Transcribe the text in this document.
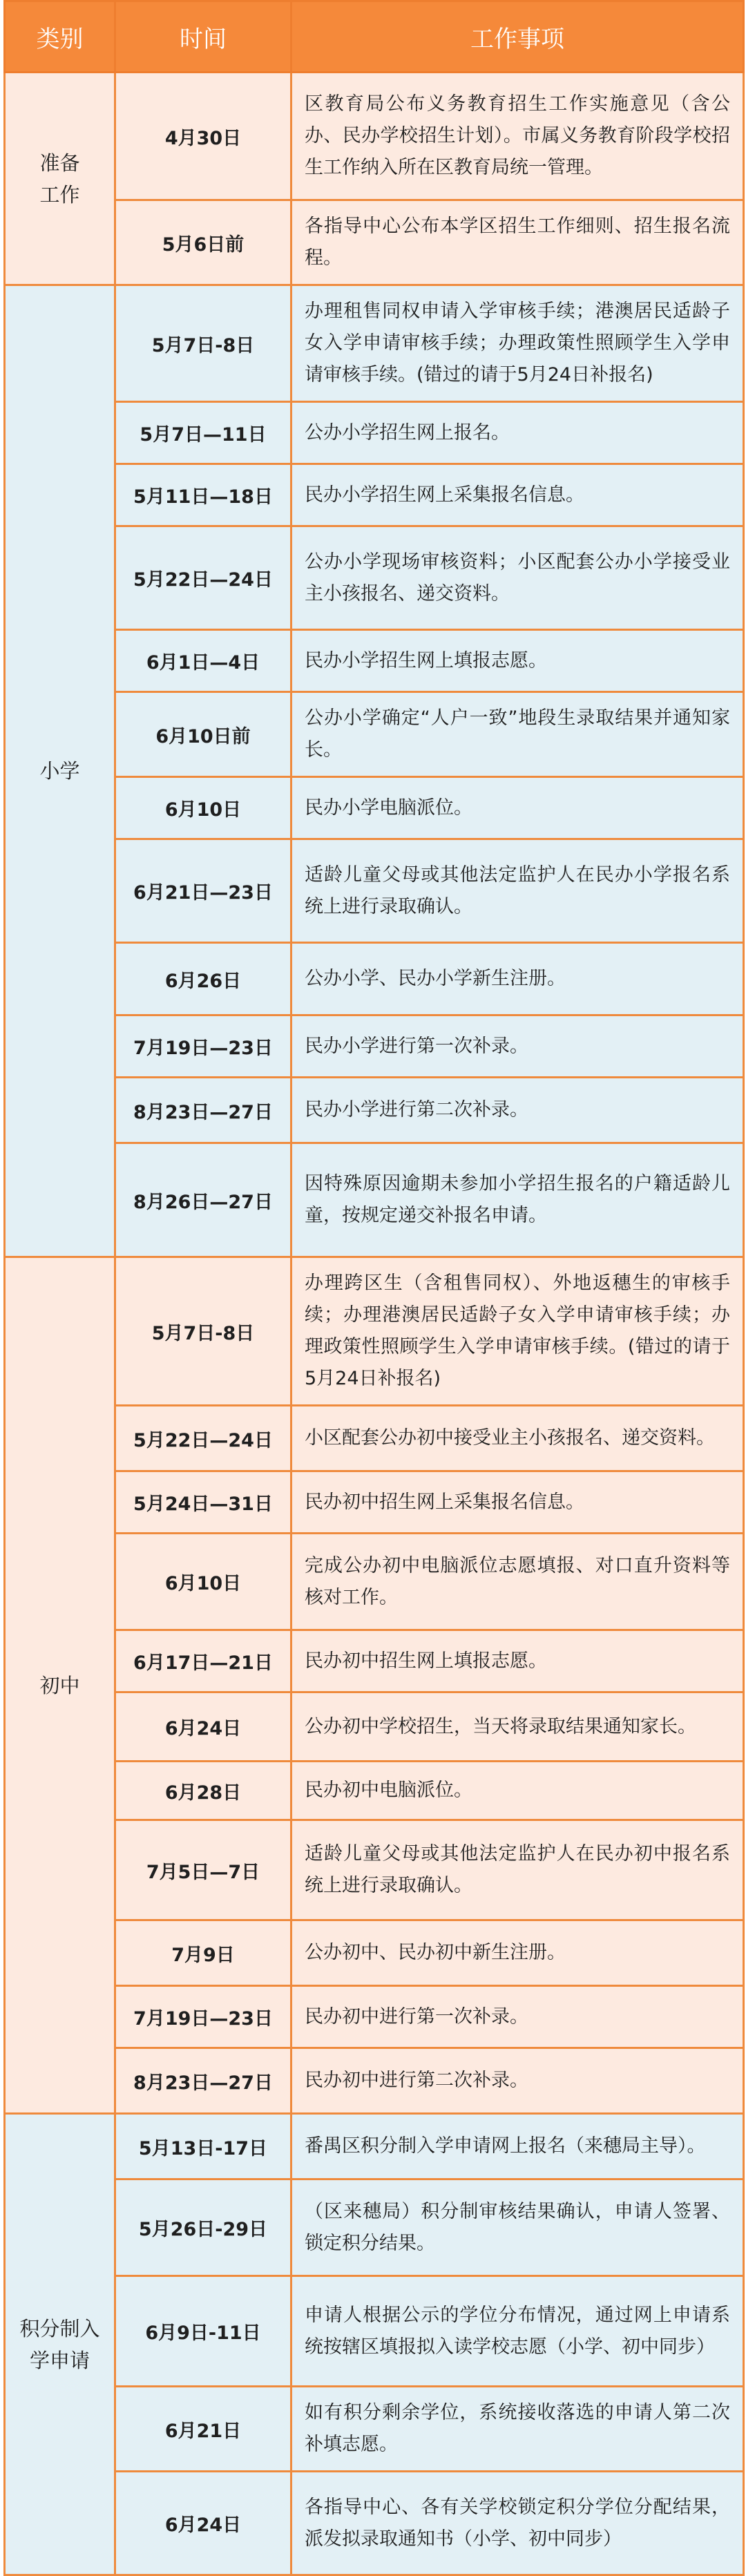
类别	时间	工作事项

准备工作	4月30日	区教育局公布义务教育招生工作实施意见（含公办、民办学校招生计划）。市属义务教育阶段学校招生工作纳入所在区教育局统一管理。
	5月6日前	各指导中心公布本学区招生工作细则、招生报名流程。
小学	5月7日-8日	办理租售同权申请入学审核手续；港澳居民适龄子女入学申请审核手续；办理政策性照顾学生入学申请审核手续。(错过的请于5月24日补报名)
	5月7日—11日	公办小学招生网上报名。
	5月11日—18日	民办小学招生网上采集报名信息。
	5月22日—24日	公办小学现场审核资料；小区配套公办小学接受业主小孩报名、递交资料。
	6月1日—4日	民办小学招生网上填报志愿。
	6月10日前	公办小学确定“人户一致”地段生录取结果并通知家长。
	6月10日	民办小学电脑派位。
	6月21日—23日	适龄儿童父母或其他法定监护人在民办小学报名系统上进行录取确认。
	6月26日	公办小学、民办小学新生注册。
	7月19日—23日	民办小学进行第一次补录。
	8月23日—27日	民办小学进行第二次补录。
	8月26日—27日	因特殊原因逾期未参加小学招生报名的户籍适龄儿童，按规定递交补报名申请。
初中	5月7日-8日	办理跨区生（含租售同权）、外地返穗生的审核手续；办理港澳居民适龄子女入学申请审核手续；办理政策性照顾学生入学申请审核手续。(错过的请于5月24日补报名)
	5月22日—24日	小区配套公办初中接受业主小孩报名、递交资料。
	5月24日—31日	民办初中招生网上采集报名信息。
	6月10日	完成公办初中电脑派位志愿填报、对口直升资料等核对工作。
	6月17日—21日	民办初中招生网上填报志愿。
	6月24日	公办初中学校招生，当天将录取结果通知家长。
	6月28日	民办初中电脑派位。
	7月5日—7日	适龄儿童父母或其他法定监护人在民办初中报名系统上进行录取确认。
	7月9日	公办初中、民办初中新生注册。
	7月19日—23日	民办初中进行第一次补录。
	8月23日—27日	民办初中进行第二次补录。

积分制入学申请	5月13日-17日	番禺区积分制入学申请网上报名（来穗局主导）。
	5月26日-29日	（区来穗局）积分制审核结果确认，申请人签署、锁定积分结果。
	6月9日-11日	申请人根据公示的学位分布情况，通过网上申请系统按辖区填报拟入读学校志愿（小学、初中同步）
	6月21日	如有积分剩余学位，系统接收落选的申请人第二次补填志愿。
	6月24日	各指导中心、各有关学校锁定积分学位分配结果，派发拟录取通知书（小学、初中同步）
